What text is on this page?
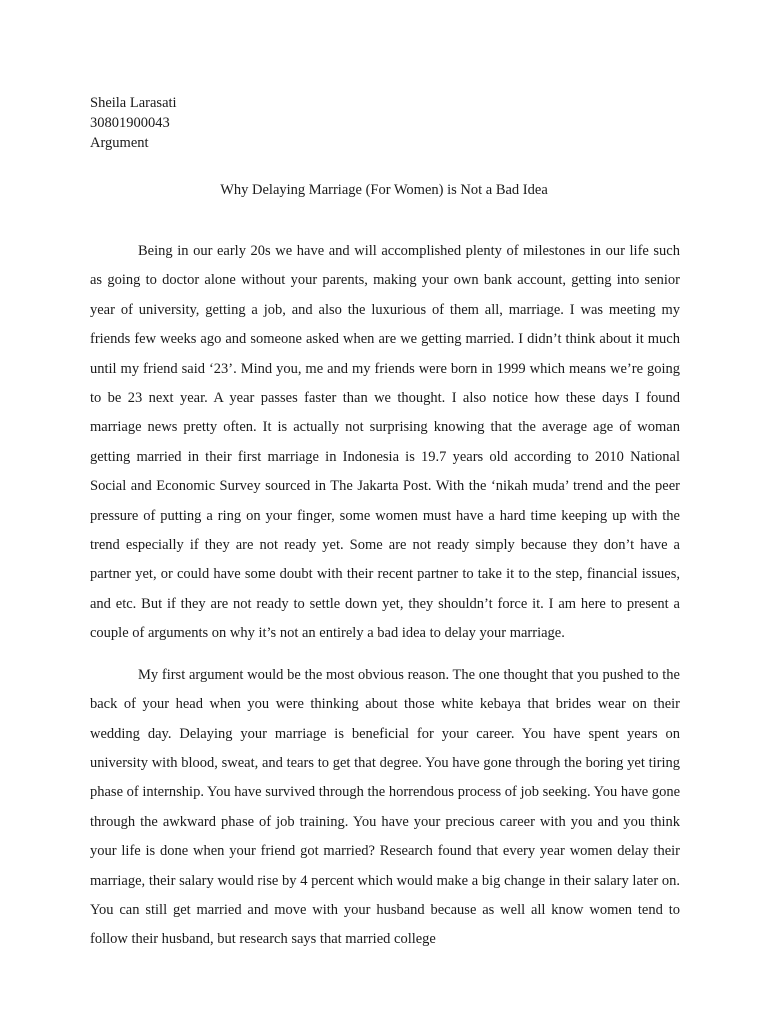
Sheila Larasati
30801900043
Argument
Why Delaying Marriage (For Women) is Not a Bad Idea

Being in our early 20s we have and will accomplished plenty of milestones in our life such as going to doctor alone without your parents, making your own bank account, getting into senior year of university, getting a job, and also the luxurious of them all, marriage. I was meeting my friends few weeks ago and someone asked when are we getting married. I didn’t think about it much until my friend said ‘23’. Mind you, me and my friends were born in 1999 which means we’re going to be 23 next year. A year passes faster than we thought. I also notice how these days I found marriage news pretty often. It is actually not surprising knowing that the average age of woman getting married in their first marriage in Indonesia is 19.7 years old according to 2010 National Social and Economic Survey sourced in The Jakarta Post. With the ‘nikah muda’ trend and the peer pressure of putting a ring on your finger, some women must have a hard time keeping up with the trend especially if they are not ready yet. Some are not ready simply because they don’t have a partner yet, or could have some doubt with their recent partner to take it to the step, financial issues, and etc. But if they are not ready to settle down yet, they shouldn’t force it. I am here to present a couple of arguments on why it’s not an entirely a bad idea to delay your marriage.

My first argument would be the most obvious reason. The one thought that you pushed to the back of your head when you were thinking about those white kebaya that brides wear on their wedding day. Delaying your marriage is beneficial for your career. You have spent years on university with blood, sweat, and tears to get that degree. You have gone through the boring yet tiring phase of internship. You have survived through the horrendous process of job seeking. You have gone through the awkward phase of job training. You have your precious career with you and you think your life is done when your friend got married? Research found that every year women delay their marriage, their salary would rise by 4 percent which would make a big change in their salary later on. You can still get married and move with your husband because as well all know women tend to follow their husband, but research says that married college
